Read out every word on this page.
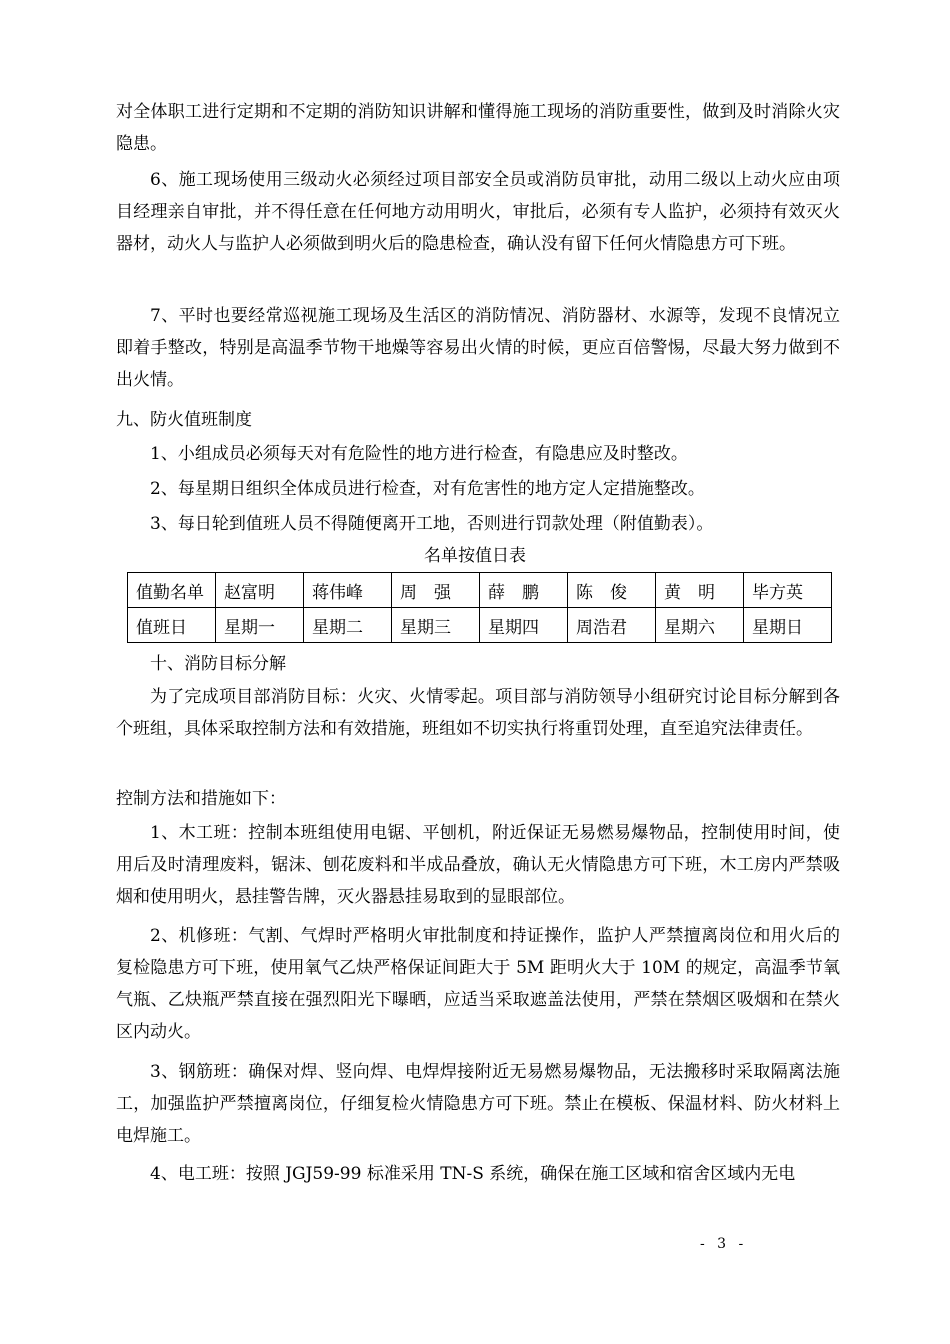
对全体职工进行定期和不定期的消防知识讲解和懂得施工现场的消防重要性，做到及时消除火灾隐患。

6、施工现场使用三级动火必须经过项目部安全员或消防员审批，动用二级以上动火应由项目经理亲自审批，并不得任意在任何地方动用明火，审批后，必须有专人监护，必须持有效灭火器材，动火人与监护人必须做到明火后的隐患检查，确认没有留下任何火情隐患方可下班。

7、平时也要经常巡视施工现场及生活区的消防情况、消防器材、水源等，发现不良情况立即着手整改，特别是高温季节物干地燥等容易出火情的时候，更应百倍警惕，尽最大努力做到不出火情。

九、防火值班制度

1、小组成员必须每天对有危险性的地方进行检查，有隐患应及时整改。

2、每星期日组织全体成员进行检查，对有危害性的地方定人定措施整改。

3、每日轮到值班人员不得随便离开工地，否则进行罚款处理（附值勤表）。

名单按值日表
值勤名单	赵富明	蒋伟峰	周　强	薛　鹏	陈　俊	黄　明	毕方英
值班日	星期一	星期二	星期三	星期四	周浩君	星期六	星期日

十、消防目标分解

为了完成项目部消防目标：火灾、火情零起。项目部与消防领导小组研究讨论目标分解到各个班组，具体采取控制方法和有效措施，班组如不切实执行将重罚处理，直至追究法律责任。

控制方法和措施如下：

1、木工班：控制本班组使用电锯、平刨机，附近保证无易燃易爆物品，控制使用时间，使用后及时清理废料，锯沫、刨花废料和半成品叠放，确认无火情隐患方可下班，木工房内严禁吸烟和使用明火，悬挂警告牌，灭火器悬挂易取到的显眼部位。

2、机修班：气割、气焊时严格明火审批制度和持证操作，监护人严禁擅离岗位和用火后的复检隐患方可下班，使用氧气乙炔严格保证间距大于 5M 距明火大于 10M 的规定，高温季节氧气瓶、乙炔瓶严禁直接在强烈阳光下曝晒，应适当采取遮盖法使用，严禁在禁烟区吸烟和在禁火区内动火。

3、钢筋班：确保对焊、竖向焊、电焊焊接附近无易燃易爆物品，无法搬移时采取隔离法施工，加强监护严禁擅离岗位，仔细复检火情隐患方可下班。禁止在模板、保温材料、防火材料上电焊施工。

4、电工班：按照 JGJ59-99 标准采用 TN-S 系统，确保在施工区域和宿舍区域内无电

- 3 -
